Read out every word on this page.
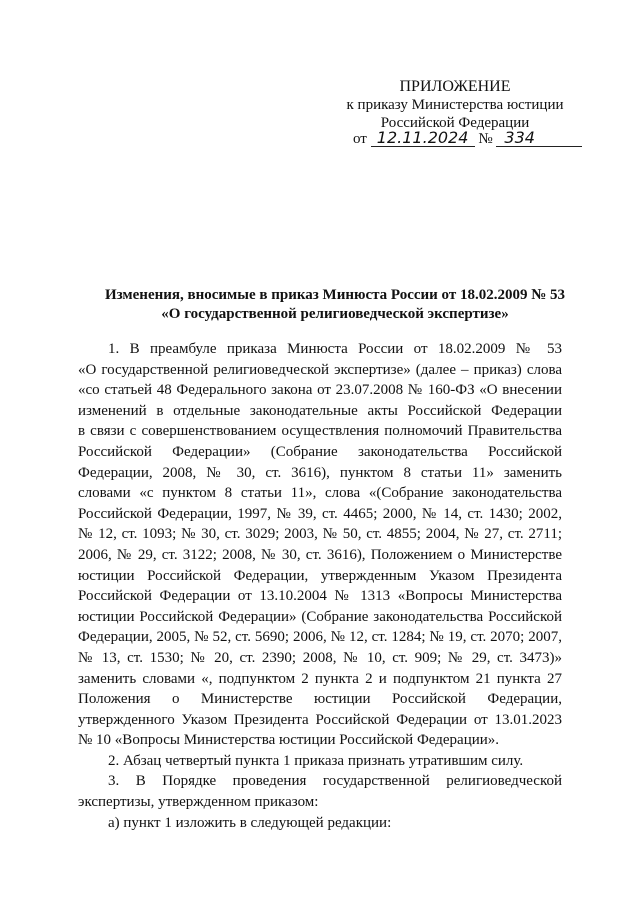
ПРИЛОЖЕНИЕ
к приказу Министерства юстиции
Российской Федерации
от 12.11.2024 № 334
Изменения, вносимые в приказ Минюста России от 18.02.2009 № 53
«О государственной религиоведческой экспертизе»
1. В преамбуле приказа Минюста России от 18.02.2009 № 53
«О государственной религиоведческой экспертизе» (далее – приказ) слова
«со статьей 48 Федерального закона от 23.07.2008 № 160-ФЗ «О внесении
изменений в отдельные законодательные акты Российской Федерации
в связи с совершенствованием осуществления полномочий Правительства
Российской Федерации» (Собрание законодательства Российской
Федерации, 2008, № 30, ст. 3616), пунктом 8 статьи 11» заменить
словами «с пунктом 8 статьи 11», слова «(Собрание законодательства
Российской Федерации, 1997, № 39, ст. 4465; 2000, № 14, ст. 1430; 2002,
№ 12, ст. 1093; № 30, ст. 3029; 2003, № 50, ст. 4855; 2004, № 27, ст. 2711;
2006, № 29, ст. 3122; 2008, № 30, ст. 3616), Положением о Министерстве
юстиции Российской Федерации, утвержденным Указом Президента
Российской Федерации от 13.10.2004 № 1313 «Вопросы Министерства
юстиции Российской Федерации» (Собрание законодательства Российской
Федерации, 2005, № 52, ст. 5690; 2006, № 12, ст. 1284; № 19, ст. 2070; 2007,
№ 13, ст. 1530; № 20, ст. 2390; 2008, № 10, ст. 909; № 29, ст. 3473)»
заменить словами «, подпунктом 2 пункта 2 и подпунктом 21 пункта 27
Положения о Министерстве юстиции Российской Федерации,
утвержденного Указом Президента Российской Федерации от 13.01.2023
№ 10 «Вопросы Министерства юстиции Российской Федерации».
2. Абзац четвертый пункта 1 приказа признать утратившим силу.
3. В Порядке проведения государственной религиоведческой
экспертизы, утвержденном приказом:
а) пункт 1 изложить в следующей редакции:
